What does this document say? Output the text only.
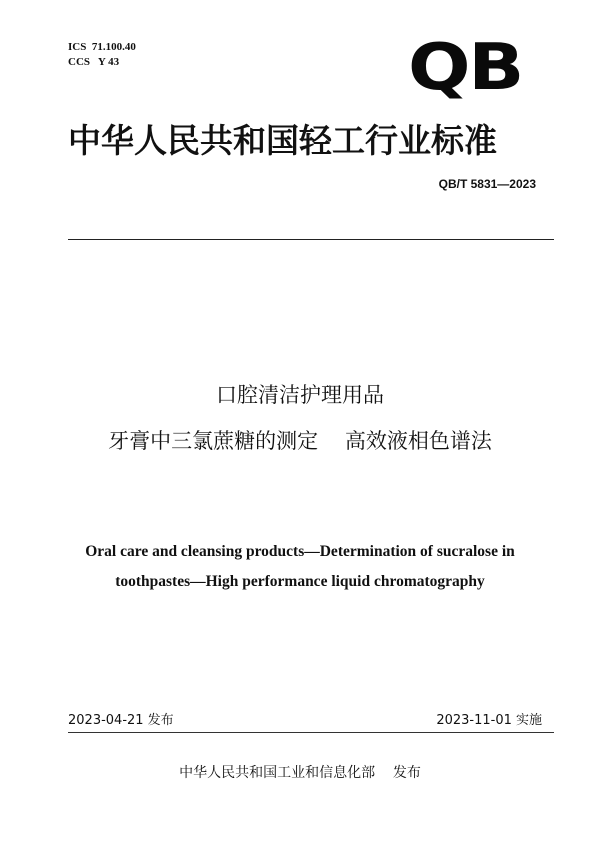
ICS  71.100.40
CCS   Y 43	QB
中华人民共和国轻工行业标准
QB/T 5831—2023
口腔清洁护理用品
牙膏中三氯蔗糖的测定    高效液相色谱法
Oral care and cleansing products—Determination of sucralose in
toothpastes—High performance liquid chromatography
2023-04-21 发布	2023-11-01 实施
中华人民共和国工业和信息化部    发布
